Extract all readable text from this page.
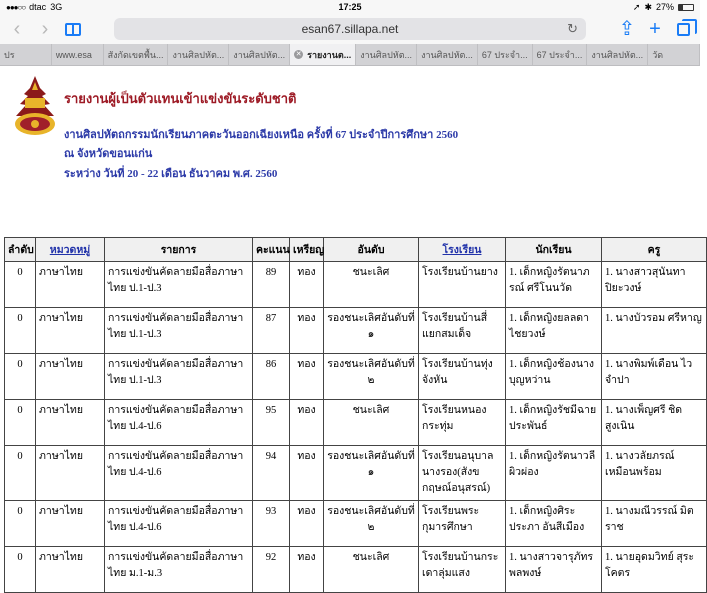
●●●○○ dtac 3G	17:25	➚ ✱ 27%
‹	›	esan67.sillapa.net	↻ ⇪ +
ปร	www.esa	สังกัดเขตพื้น...	งานศิลปหัต...	งานศิลปหัต...	✕ รายงานต...	งานศิลปหัต...	งานศิลปหัต...	67 ประจำ...	67 ประจำ...	งานศิลปหัต...	วัด
รายงานผู้เป็นตัวแทนเข้าแข่งขันระดับชาติ
งานศิลปหัตถกรรมนักเรียนภาคตะวันออกเฉียงเหนือ ครั้งที่ 67 ประจำปีการศึกษา 2560
ณ จังหวัดขอนแก่น
ระหว่าง วันที่ 20 - 22 เดือน ธันวาคม พ.ศ. 2560
ลำดับ	หมวดหมู่	รายการ	คะแนน	เหรียญ	อันดับ	โรงเรียน	นักเรียน	ครู
0	ภาษาไทย	การแข่งขันคัดลายมือสื่อภาษาไทย ป.1-ป.3	89	ทอง	ชนะเลิศ	โรงเรียนบ้านยาง	1. เด็กหญิงรัตนาภรณ์ ศรีโนนวัด	1. นางสาวสุนันทา ปิยะวงษ์
0	ภาษาไทย	การแข่งขันคัดลายมือสื่อภาษาไทย ป.1-ป.3	87	ทอง	รองชนะเลิศอันดับที่ ๑	โรงเรียนบ้านสี่แยกสมเด็จ	1. เด็กหญิงยลลดา ไชยวงษ์	1. นางบัวรอม ศรีหาญ
0	ภาษาไทย	การแข่งขันคัดลายมือสื่อภาษาไทย ป.1-ป.3	86	ทอง	รองชนะเลิศอันดับที่ ๒	โรงเรียนบ้านทุ่งจังหัน	1. เด็กหญิงช้องนาง บุญหว่าน	1. นางพิมพ์เดือน ไวจำปา
0	ภาษาไทย	การแข่งขันคัดลายมือสื่อภาษาไทย ป.4-ป.6	95	ทอง	ชนะเลิศ	โรงเรียนหนองกระทุ่ม	1. เด็กหญิงรัชมีฉาย ประพันธ์	1. นางเพ็ญศรี ชิดสูงเนิน
0	ภาษาไทย	การแข่งขันคัดลายมือสื่อภาษาไทย ป.4-ป.6	94	ทอง	รองชนะเลิศอันดับที่ ๑	โรงเรียนอนุบาลนางรอง(สังขกฤษณ์อนุสรณ์)	1. เด็กหญิงรัตนาวลี ผิวผ่อง	1. นางวลัยภรณ์ เหมือนพร้อม
0	ภาษาไทย	การแข่งขันคัดลายมือสื่อภาษาไทย ป.4-ป.6	93	ทอง	รองชนะเลิศอันดับที่ ๒	โรงเรียนพระกุมารศึกษา	1. เด็กหญิงศิระประภา อันสีเมือง	1. นางมณีวรรณ์ มิตราช
0	ภาษาไทย	การแข่งขันคัดลายมือสื่อภาษาไทย ม.1-ม.3	92	ทอง	ชนะเลิศ	โรงเรียนบ้านกระเดาลุ่มแสง	1. นางสาวจารุภัทร พลพงษ์	1. นายอุดมวิทย์ สุระโคตร
